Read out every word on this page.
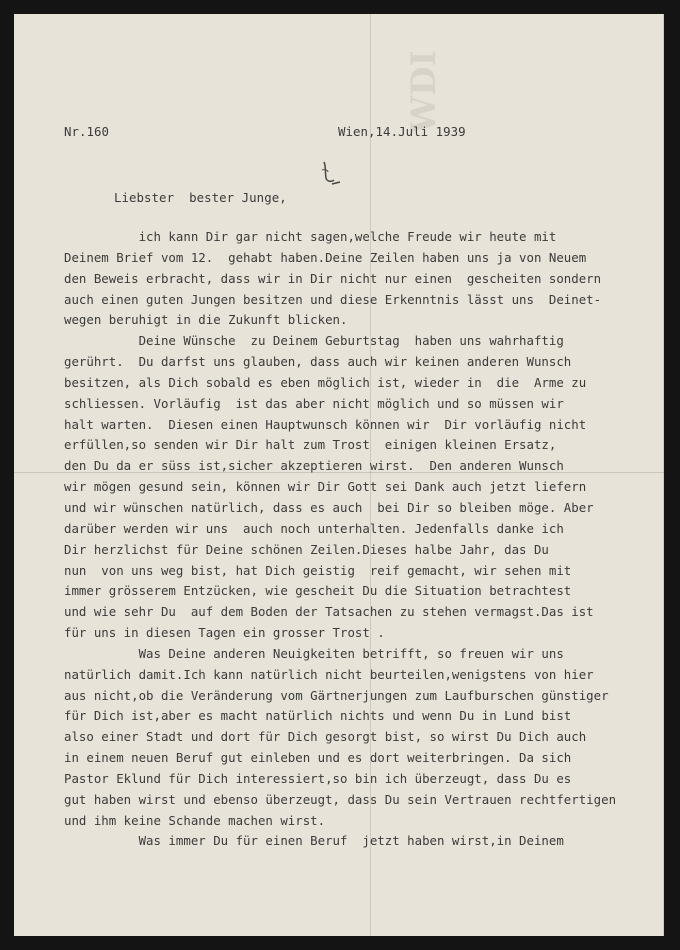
WDI
Nr.160	Wien,14.Juli 1939
Liebster  bester Junge,
ich kann Dir gar nicht sagen,welche Freude wir heute mit
Deinem Brief vom 12.  gehabt haben.Deine Zeilen haben uns ja von Neuem
den Beweis erbracht, dass wir in Dir nicht nur einen  gescheiten sondern
auch einen guten Jungen besitzen und diese Erkenntnis lässt uns  Deinet-
wegen beruhigt in die Zukunft blicken.
Deine Wünsche  zu Deinem Geburtstag  haben uns wahrhaftig
gerührt.  Du darfst uns glauben, dass auch wir keinen anderen Wunsch
besitzen, als Dich sobald es eben möglich ist, wieder in  die  Arme zu
schliessen. Vorläufig  ist das aber nicht möglich und so müssen wir
halt warten.  Diesen einen Hauptwunsch können wir  Dir vorläufig nicht
erfüllen,so senden wir Dir halt zum Trost  einigen kleinen Ersatz,
den Du da er süss ist,sicher akzeptieren wirst.  Den anderen Wunsch
wir mögen gesund sein, können wir Dir Gott sei Dank auch jetzt liefern
und wir wünschen natürlich, dass es auch  bei Dir so bleiben möge. Aber
darüber werden wir uns  auch noch unterhalten. Jedenfalls danke ich
Dir herzlichst für Deine schönen Zeilen.Dieses halbe Jahr, das Du
nun  von uns weg bist, hat Dich geistig  reif gemacht, wir sehen mit
immer grösserem Entzücken, wie gescheit Du die Situation betrachtest
und wie sehr Du  auf dem Boden der Tatsachen zu stehen vermagst.Das ist
für uns in diesen Tagen ein grosser Trost .
Was Deine anderen Neuigkeiten betrifft, so freuen wir uns
natürlich damit.Ich kann natürlich nicht beurteilen,wenigstens von hier
aus nicht,ob die Veränderung vom Gärtnerjungen zum Laufburschen günstiger
für Dich ist,aber es macht natürlich nichts und wenn Du in Lund bist
also einer Stadt und dort für Dich gesorgt bist, so wirst Du Dich auch
in einem neuen Beruf gut einleben und es dort weiterbringen. Da sich
Pastor Eklund für Dich interessiert,so bin ich überzeugt, dass Du es
gut haben wirst und ebenso überzeugt, dass Du sein Vertrauen rechtfertigen
und ihm keine Schande machen wirst.
Was immer Du für einen Beruf  jetzt haben wirst,in Deinem
